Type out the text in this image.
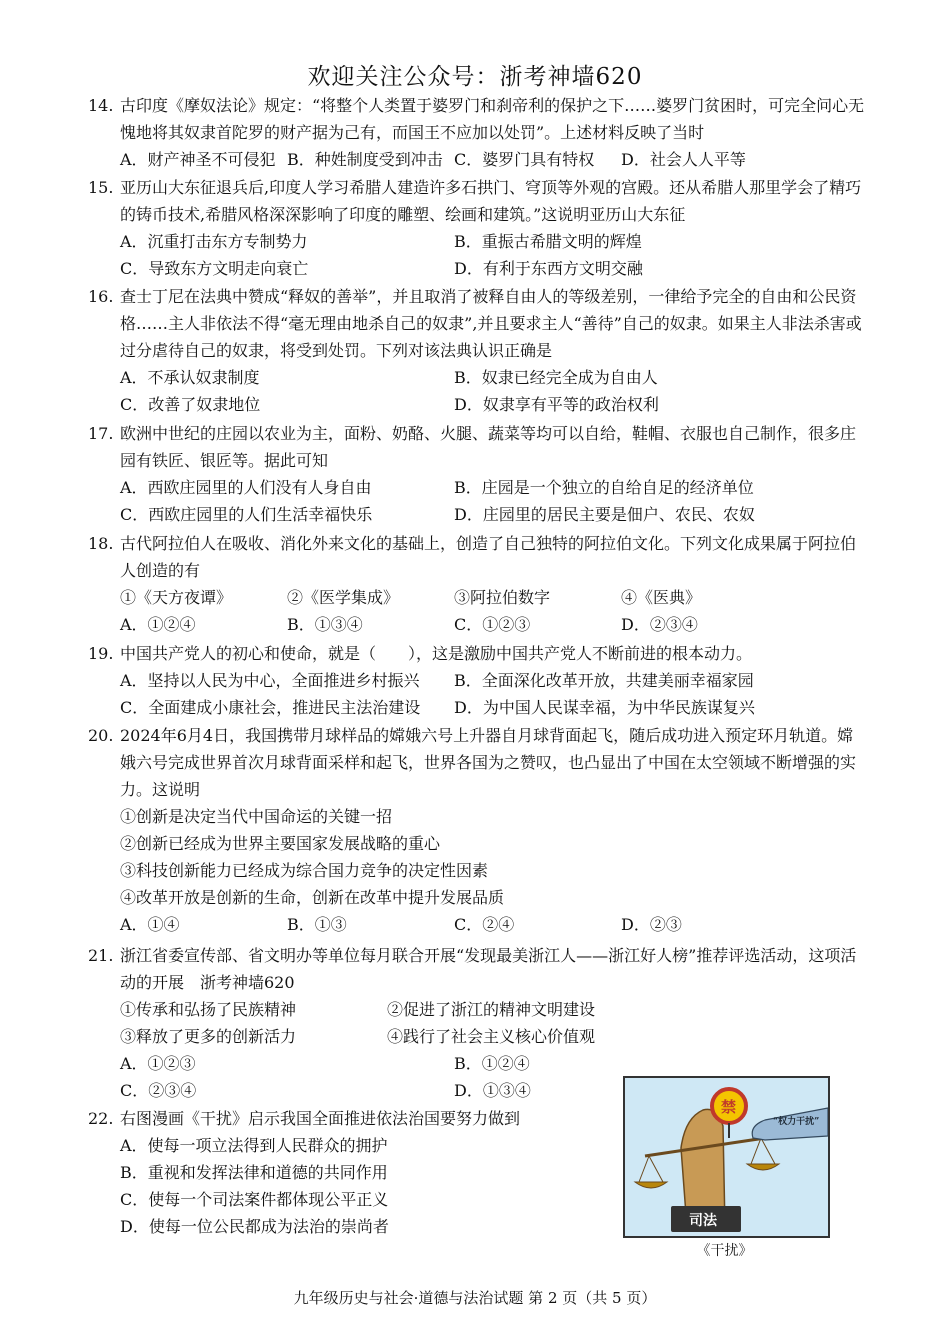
欢迎关注公众号：浙考神墙620
14. 古印度《摩奴法论》规定：“将整个人类置于婆罗门和刹帝利的保护之下……婆罗门贫困时，可完全问心无愧地将其奴隶首陀罗的财产据为己有，而国王不应加以处罚”。上述材料反映了当时
A．财产神圣不可侵犯 B．种姓制度受到冲击 C．婆罗门具有特权	D．社会人人平等
15. 亚历山大东征退兵后,印度人学习希腊人建造许多石拱门、穹顶等外观的宫殿。还从希腊人那里学会了精巧的铸币技术,希腊风格深深影响了印度的雕塑、绘画和建筑。”这说明亚历山大东征
A．沉重打击东方专制势力	B．重振古希腊文明的辉煌
C．导致东方文明走向衰亡	D．有利于东西方文明交融
16. 查士丁尼在法典中赞成“释奴的善举”，并且取消了被释自由人的等级差别，一律给予完全的自由和公民资格……主人非依法不得“毫无理由地杀自己的奴隶”,并且要求主人“善待”自己的奴隶。如果主人非法杀害或过分虐待自己的奴隶，将受到处罚。下列对该法典认识正确是
A．不承认奴隶制度	B．奴隶已经完全成为自由人
C．改善了奴隶地位	D．奴隶享有平等的政治权利
17. 欧洲中世纪的庄园以农业为主，面粉、奶酪、火腿、蔬菜等均可以自给，鞋帽、衣服也自己制作，很多庄园有铁匠、银匠等。据此可知
A．西欧庄园里的人们没有人身自由	B．庄园是一个独立的自给自足的经济单位
C．西欧庄园里的人们生活幸福快乐	D．庄园里的居民主要是佃户、农民、农奴
18. 古代阿拉伯人在吸收、消化外来文化的基础上，创造了自己独特的阿拉伯文化。下列文化成果属于阿拉伯人创造的有
①《天方夜谭》	②《医学集成》	③阿拉伯数字	④《医典》
A．①②④	B．①③④	C．①②③	D．②③④
19. 中国共产党人的初心和使命，就是（　　），这是激励中国共产党人不断前进的根本动力。
A．坚持以人民为中心，全面推进乡村振兴	B．全面深化改革开放，共建美丽幸福家园
C．全面建成小康社会，推进民主法治建设	D．为中国人民谋幸福，为中华民族谋复兴
20. 2024年6月4日，我国携带月球样品的嫦娥六号上升器自月球背面起飞，随后成功进入预定环月轨道。嫦娥六号完成世界首次月球背面采样和起飞，世界各国为之赞叹，也凸显出了中国在太空领域不断增强的实力。这说明
①创新是决定当代中国命运的关键一招
②创新已经成为世界主要国家发展战略的重心
③科技创新能力已经成为综合国力竞争的决定性因素
④改革开放是创新的生命，创新在改革中提升发展品质
A．①④	B．①③	C．②④	D．②③
21. 浙江省委宣传部、省文明办等单位每月联合开展“发现最美浙江人——浙江好人榜”推荐评选活动，这项活动的开展　浙考神墙620
①传承和弘扬了民族精神	②促进了浙江的精神文明建设
③释放了更多的创新活力	④践行了社会主义核心价值观
A．①②③	B．①②④
C．②③④	D．①③④
22. 右图漫画《干扰》启示我国全面推进依法治国要努力做到
A．使每一项立法得到人民群众的拥护
B．重视和发挥法律和道德的共同作用
C．使每一个司法案件都体现公平正义
D．使每一位公民都成为法治的崇尚者
禁
“权力干扰”
司法
《干扰》
九年级历史与社会·道德与法治试题 第 2 页（共 5 页）
